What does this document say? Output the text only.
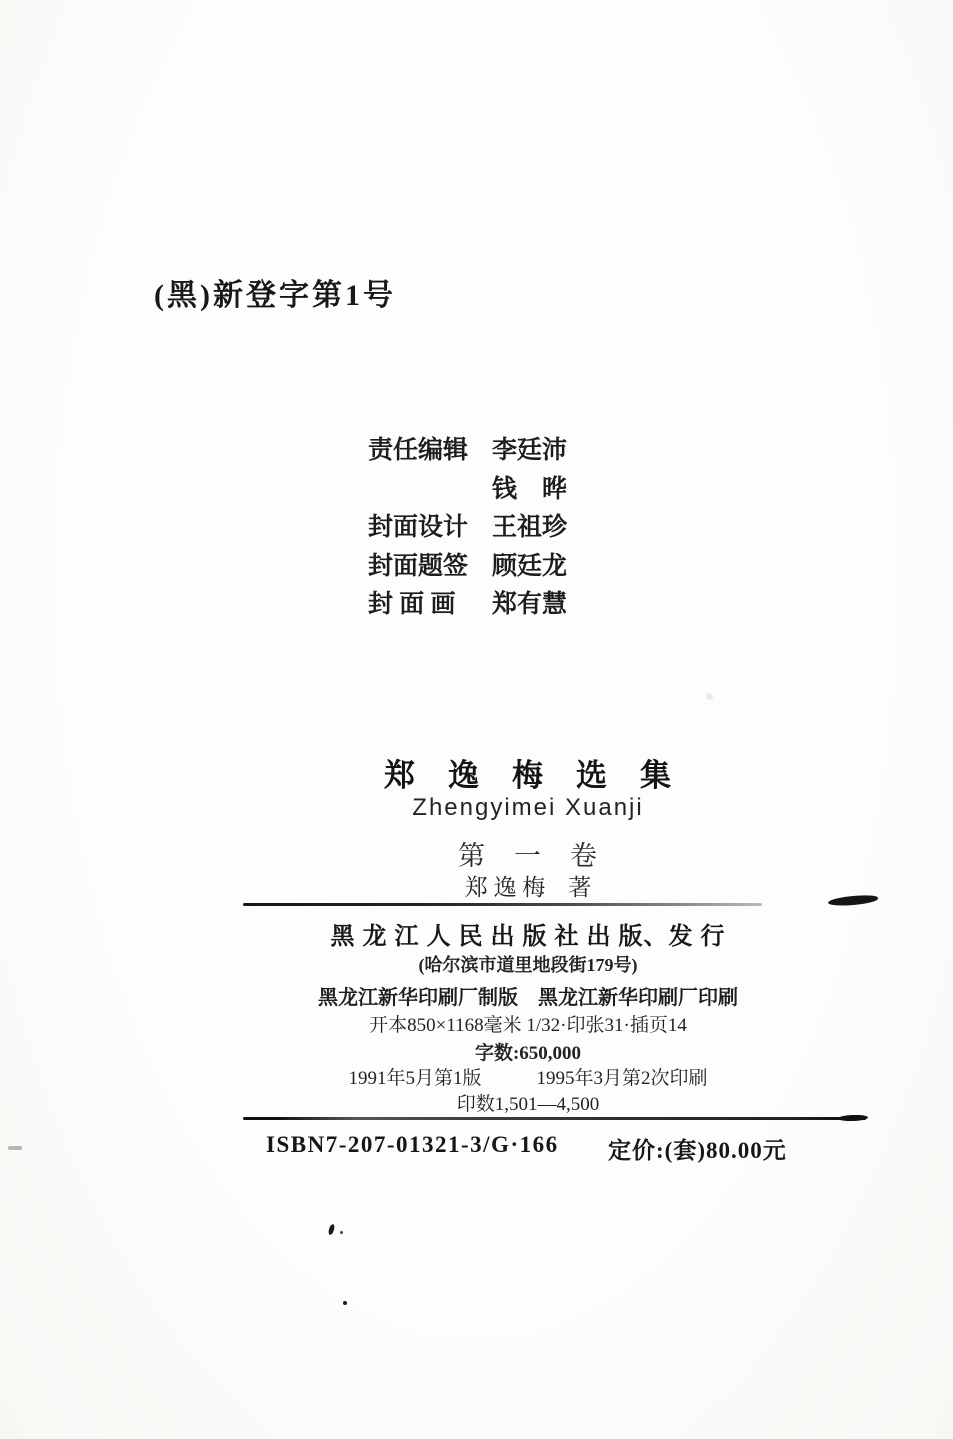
(黑)新登字第1号
责任编辑 李廷沛
钱　晔
封面设计 王祖珍
封面题签 顾廷龙
封 面 画	郑有慧
郑　逸　梅　选　集
Zhengyimei Xuanji
第　一　卷
郑 逸 梅　著
黑 龙 江 人 民 出 版 社 出 版、发 行
(哈尔滨市道里地段街179号)
黑龙江新华印刷厂制版　黑龙江新华印刷厂印刷
开本850×1168毫米 1/32·印张31·插页14
字数:650,000
1991年5月第1版	1995年3月第2次印刷
印数1,501—4,500
ISBN7-207-01321-3/G·166 定价:(套)80.00元
